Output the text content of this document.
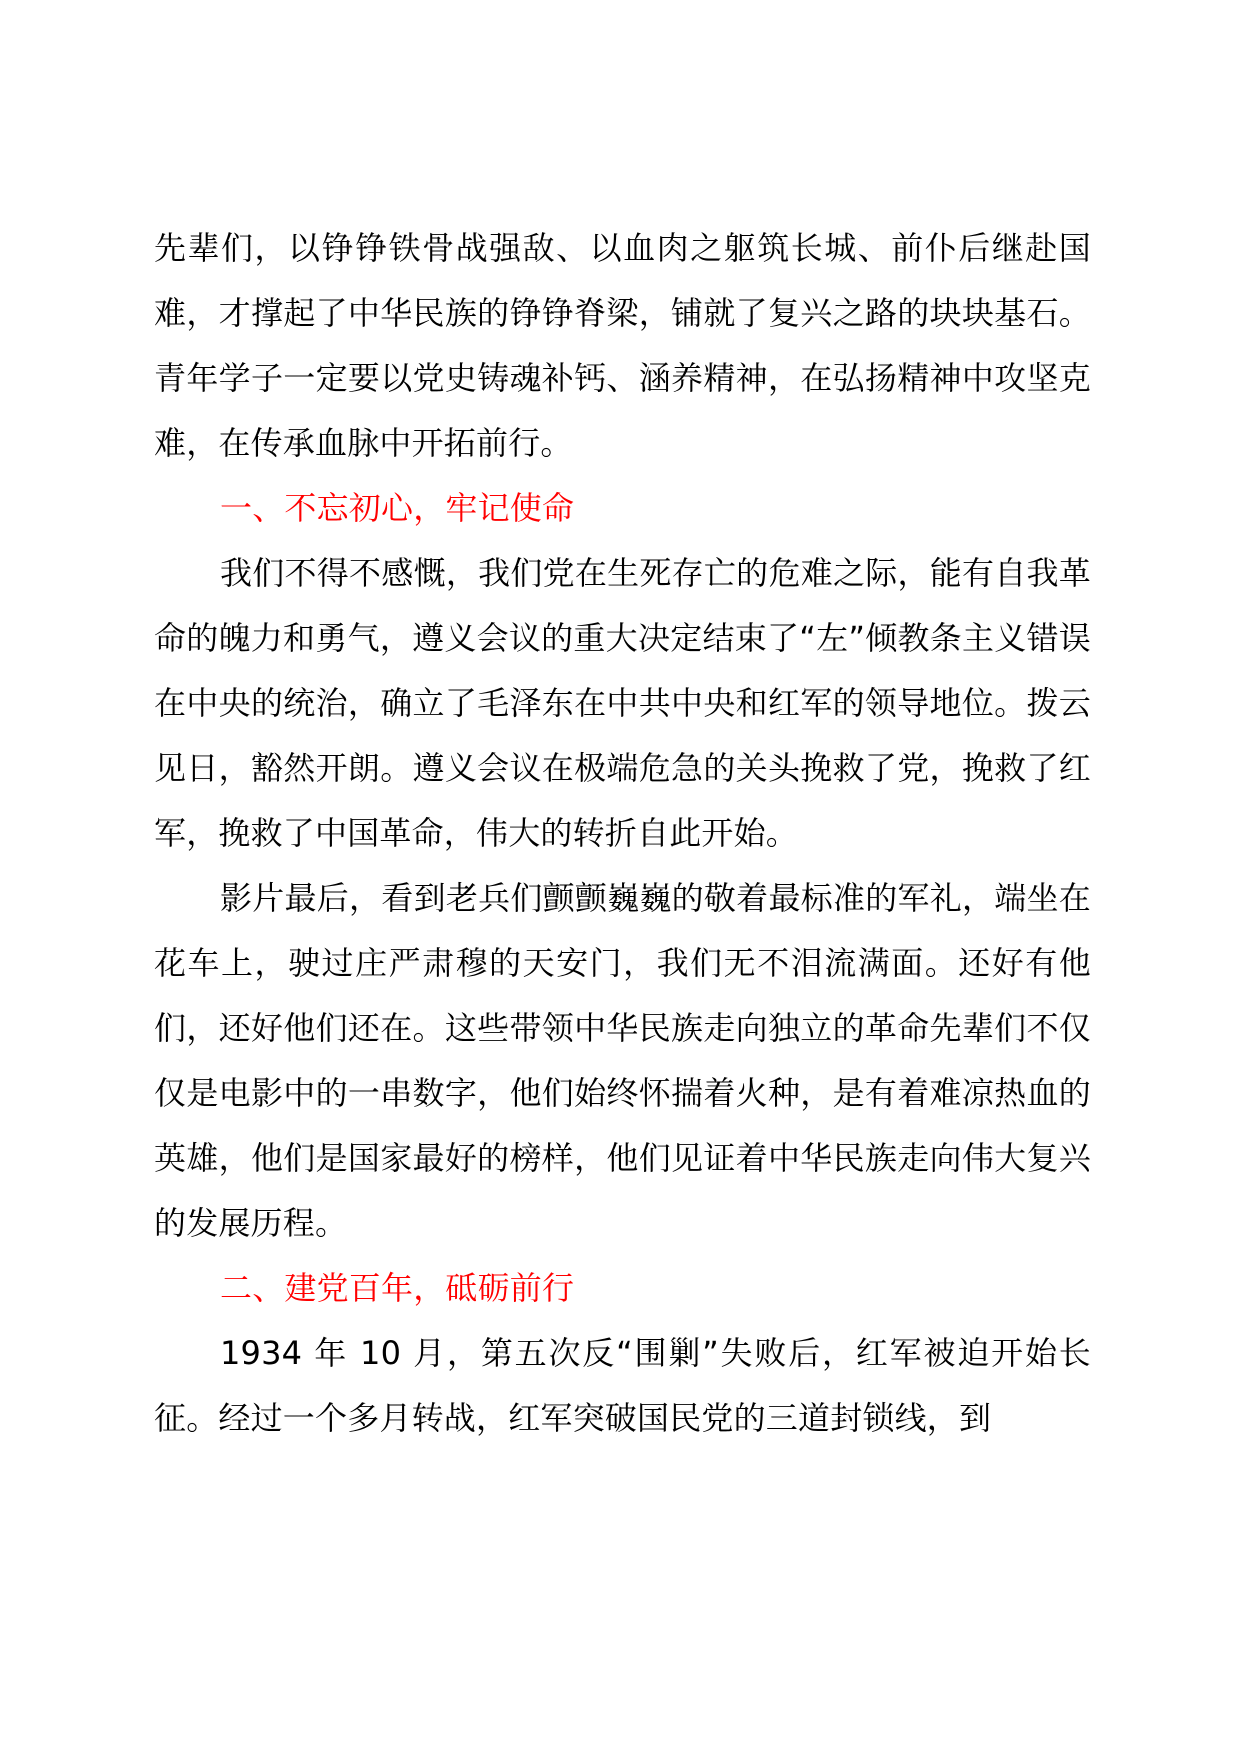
先辈们，以铮铮铁骨战强敌、以血肉之躯筑长城、前仆后继赴国难，才撑起了中华民族的铮铮脊梁，铺就了复兴之路的块块基石。青年学子一定要以党史铸魂补钙、涵养精神，在弘扬精神中攻坚克难，在传承血脉中开拓前行。

一、不忘初心，牢记使命

我们不得不感慨，我们党在生死存亡的危难之际，能有自我革命的魄力和勇气，遵义会议的重大决定结束了“左”倾教条主义错误在中央的统治，确立了毛泽东在中共中央和红军的领导地位。拨云见日，豁然开朗。遵义会议在极端危急的关头挽救了党，挽救了红军，挽救了中国革命，伟大的转折自此开始。

影片最后，看到老兵们颤颤巍巍的敬着最标准的军礼，端坐在花车上，驶过庄严肃穆的天安门，我们无不泪流满面。还好有他们，还好他们还在。这些带领中华民族走向独立的革命先辈们不仅仅是电影中的一串数字，他们始终怀揣着火种，是有着难凉热血的英雄，他们是国家最好的榜样，他们见证着中华民族走向伟大复兴的发展历程。

二、建党百年，砥砺前行

1934 年 10 月，第五次反“围剿”失败后，红军被迫开始长征。经过一个多月转战，红军突破国民党的三道封锁线，到
